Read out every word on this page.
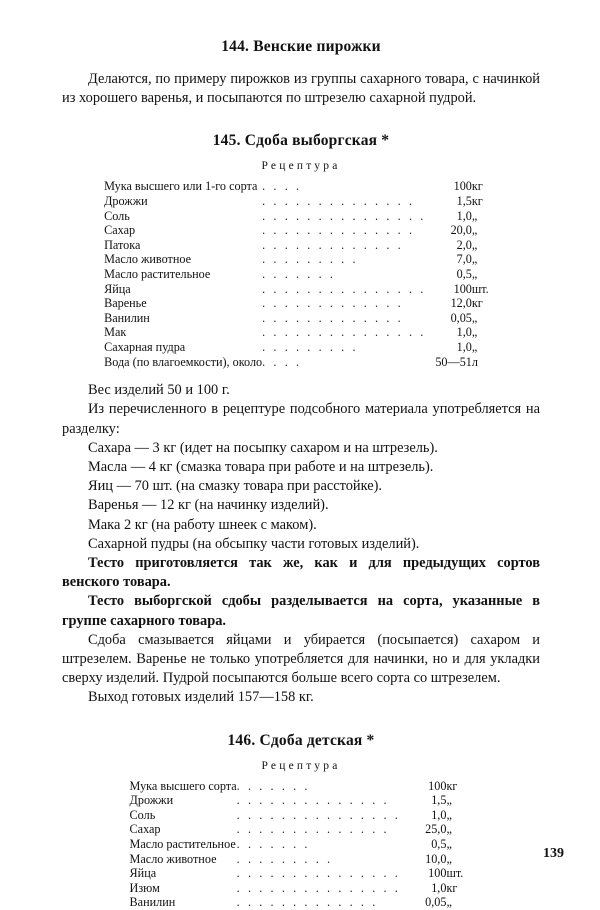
144. Венские пирожки

Делаются, по примеру пирожков из группы сахарного товара, с начинкой из хорошего варенья, и посыпаются по штрезелю сахарной пудрой.

145. Сдоба выборгская *
Рецептура
Мука высшего или 1-го сорта	. . . .	100	кг
Дрожжи	. . . . . . . . . . . . . .	1,5	кг
Соль	. . . . . . . . . . . . . . .	1,0	„
Сахар	. . . . . . . . . . . . . .	20,0	„
Патока	. . . . . . . . . . . . .	2,0	„
Масло животное	. . . . . . . . .	7,0	„
Масло растительное	. . . . . . .	0,5	„
Яйца	. . . . . . . . . . . . . . .	100	шт.
Варенье	. . . . . . . . . . . . .	12,0	кг
Ванилин	. . . . . . . . . . . . .	0,05	„
Мак	. . . . . . . . . . . . . . .	1,0	„
Сахарная пудра	. . . . . . . . .	1,0	„
Вода (по влагоемкости), около	. . . .	50—51	л

Вес изделий 50 и 100 г.

Из перечисленного в рецептуре подсобного материала употребляется на разделку:

Сахара — 3 кг (идет на посыпку сахаром и на штрезель).

Масла — 4 кг (смазка товара при работе и на штрезель).

Яиц — 70 шт. (на смазку товара при расстойке).

Варенья — 12 кг (на начинку изделий).

Мака 2 кг (на работу шнеек с маком).

Сахарной пудры (на обсыпку части готовых изделий).

Тесто приготовляется так же, как и для предыдущих сортов венского товара.

Тесто выборгской сдобы разделывается на сорта, указанные в группе сахарного товара.

Сдоба смазывается яйцами и убирается (посыпается) сахаром и штрезелем. Варенье не только употребляется для начинки, но и для укладки сверху изделий. Пудрой посыпаются больше всего сорта со штрезелем.

Выход готовых изделий 157—158 кг.

146. Сдоба детская *
Рецептура
Мука высшего сорта	. . . . . . .	100	кг
Дрожжи	. . . . . . . . . . . . . .	1,5	„
Соль	. . . . . . . . . . . . . . .	1,0	„
Сахар	. . . . . . . . . . . . . .	25,0	„
Масло растительное	. . . . . . .	0,5	„
Масло животное	. . . . . . . . .	10,0	„
Яйца	. . . . . . . . . . . . . . .	100	шт.
Изюм	. . . . . . . . . . . . . . .	1,0	кг
Ванилин	. . . . . . . . . . . . .	0,05	„
139
